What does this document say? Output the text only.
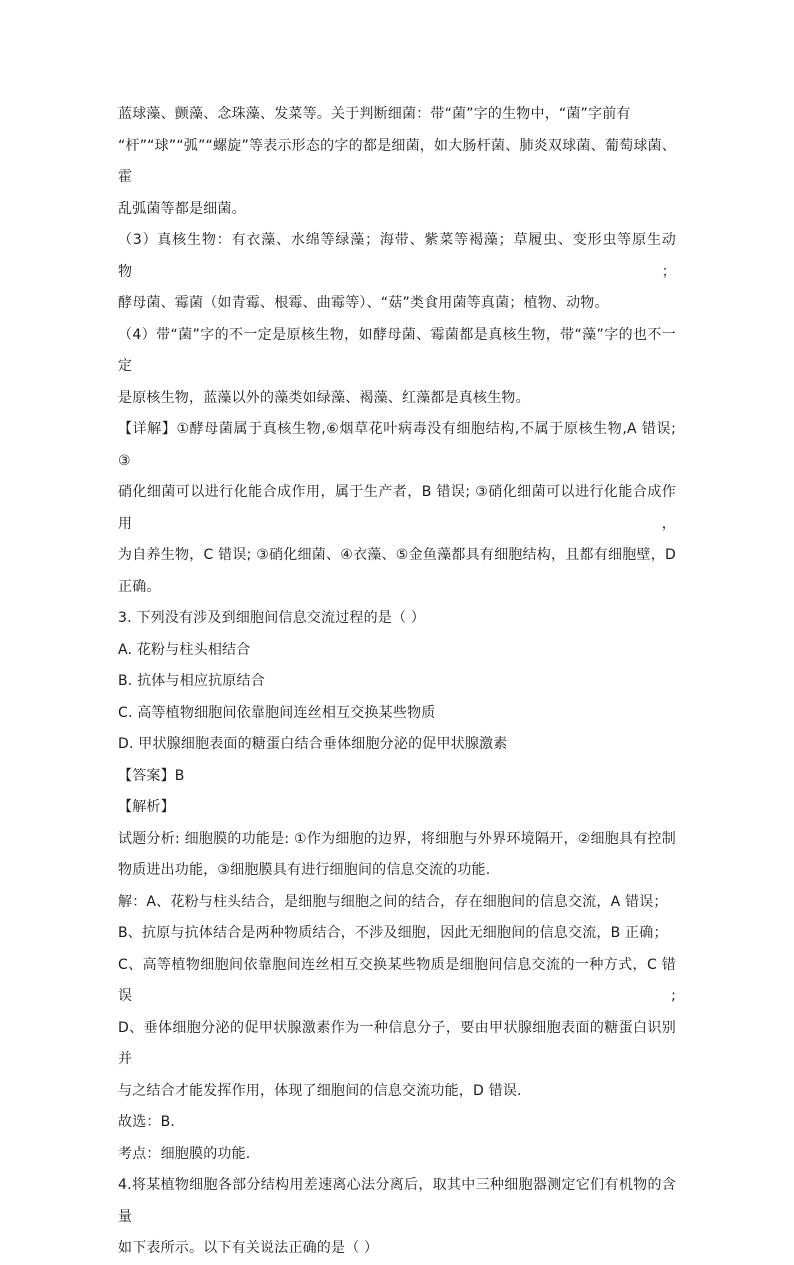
蓝球藻、颤藻、念珠藻、发菜等。关于判断细菌：带“菌”字的生物中，“菌”字前有
“杆”“球”“弧”“螺旋”等表示形态的字的都是细菌，如大肠杆菌、肺炎双球菌、葡萄球菌、霍
乱弧菌等都是细菌。
（3）真核生物：有衣藻、水绵等绿藻；海带、紫菜等褐藻；草履虫、变形虫等原生动物；
酵母菌、霉菌（如青霉、根霉、曲霉等）、“菇”类食用菌等真菌；植物、动物。
（4）带“菌”字的不一定是原核生物，如酵母菌、霉菌都是真核生物，带“藻”字的也不一定
是原核生物，蓝藻以外的藻类如绿藻、褐藻、红藻都是真核生物。
【详解】①酵母菌属于真核生物,⑥烟草花叶病毒没有细胞结构,不属于原核生物,A 错误; ③
硝化细菌可以进行化能合成作用，属于生产者，B 错误; ③硝化细菌可以进行化能合成作用，
为自养生物，C 错误; ③硝化细菌、④衣藻、⑤金鱼藻都具有细胞结构，且都有细胞壁，D
正确。
3. 下列没有涉及到细胞间信息交流过程的是（ ）
A. 花粉与柱头相结合
B. 抗体与相应抗原结合
C. 高等植物细胞间依靠胞间连丝相互交换某些物质
D. 甲状腺细胞表面的糖蛋白结合垂体细胞分泌的促甲状腺激素
【答案】B
【解析】
试题分析: 细胞膜的功能是: ①作为细胞的边界，将细胞与外界环境隔开，②细胞具有控制
物质进出功能，③细胞膜具有进行细胞间的信息交流的功能.
解：A、花粉与柱头结合，是细胞与细胞之间的结合，存在细胞间的信息交流，A 错误；
B、抗原与抗体结合是两种物质结合，不涉及细胞，因此无细胞间的信息交流，B 正确；
C、高等植物细胞间依靠胞间连丝相互交换某些物质是细胞间信息交流的一种方式，C 错误;
D、垂体细胞分泌的促甲状腺激素作为一种信息分子，要由甲状腺细胞表面的糖蛋白识别并
与之结合才能发挥作用，体现了细胞间的信息交流功能，D 错误.
故选：B.
考点：细胞膜的功能.
4.将某植物细胞各部分结构用差速离心法分离后，取其中三种细胞器测定它们有机物的含量
如下表所示。以下有关说法正确的是（ ）
